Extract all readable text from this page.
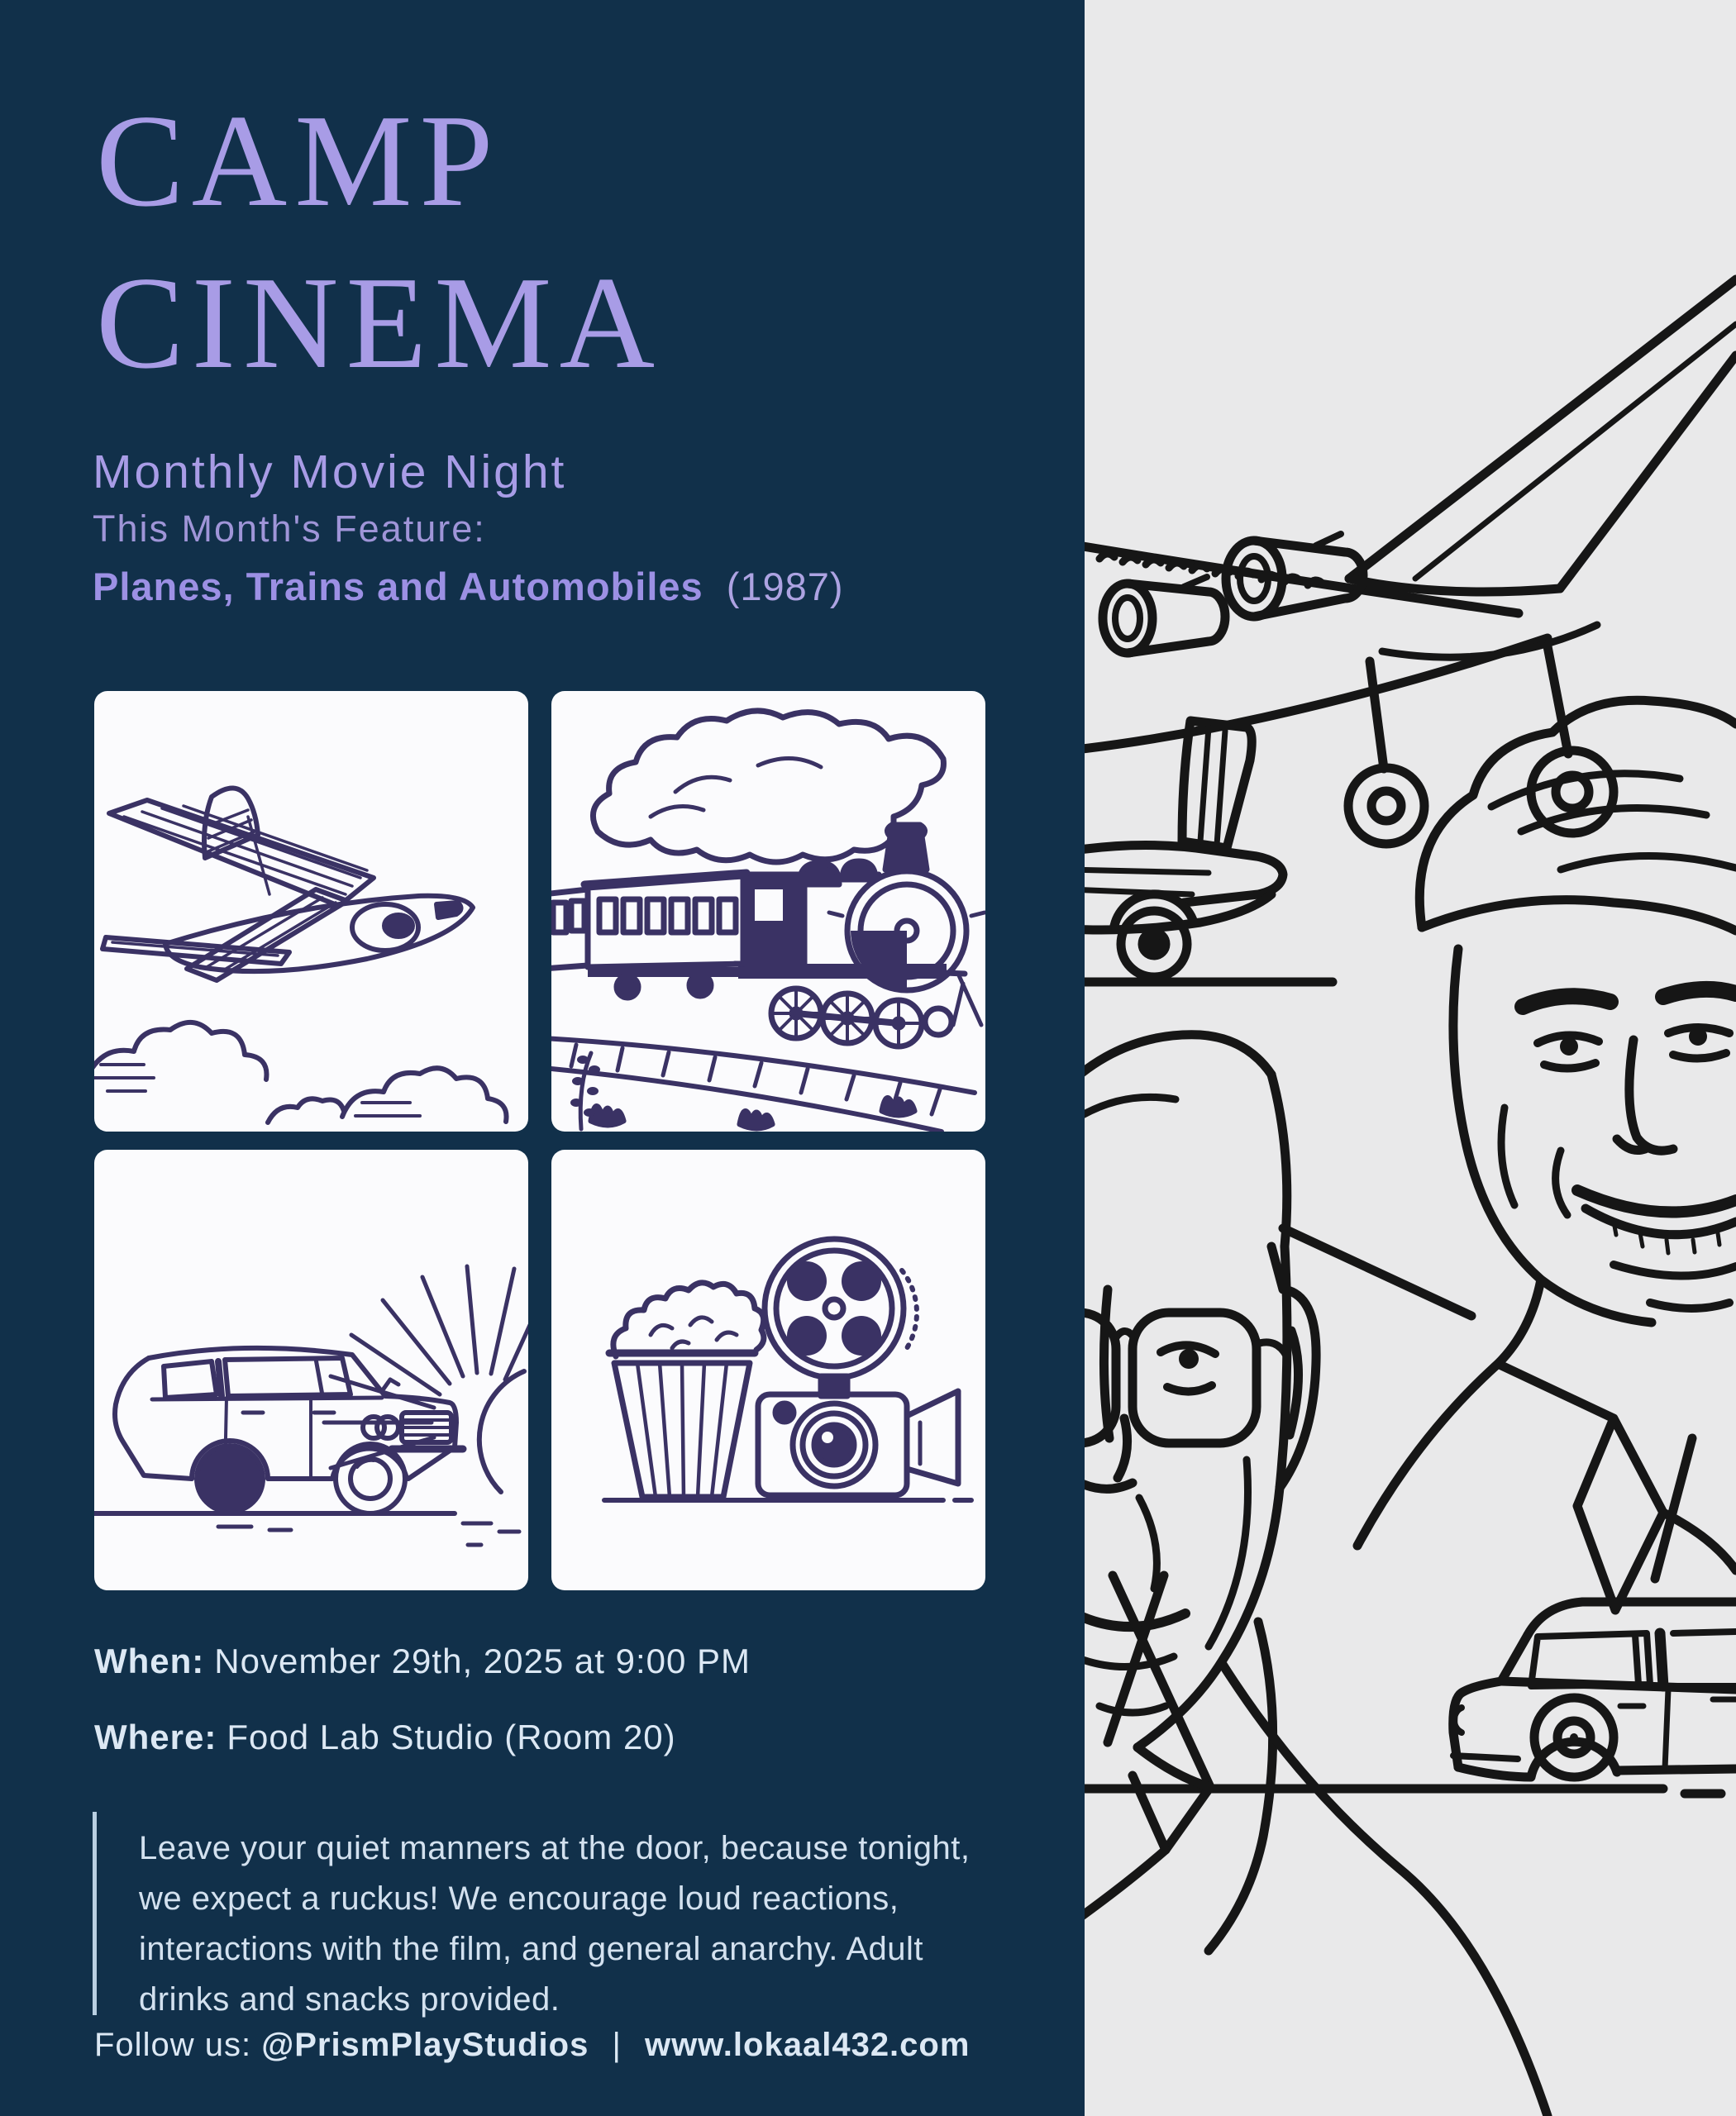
CAMP
CINEMA
Monthly Movie Night
This Month's Feature:
Planes, Trains and Automobiles (1987)
When: November 29th, 2025 at 9:00 PM
Where: Food Lab Studio (Room 20)
Leave your quiet manners at the door, because tonight, we expect a ruckus! We encourage loud reactions, interactions with the film, and general anarchy. Adult drinks and snacks provided.
Follow us: @PrismPlayStudios | www.lokaal432.com
